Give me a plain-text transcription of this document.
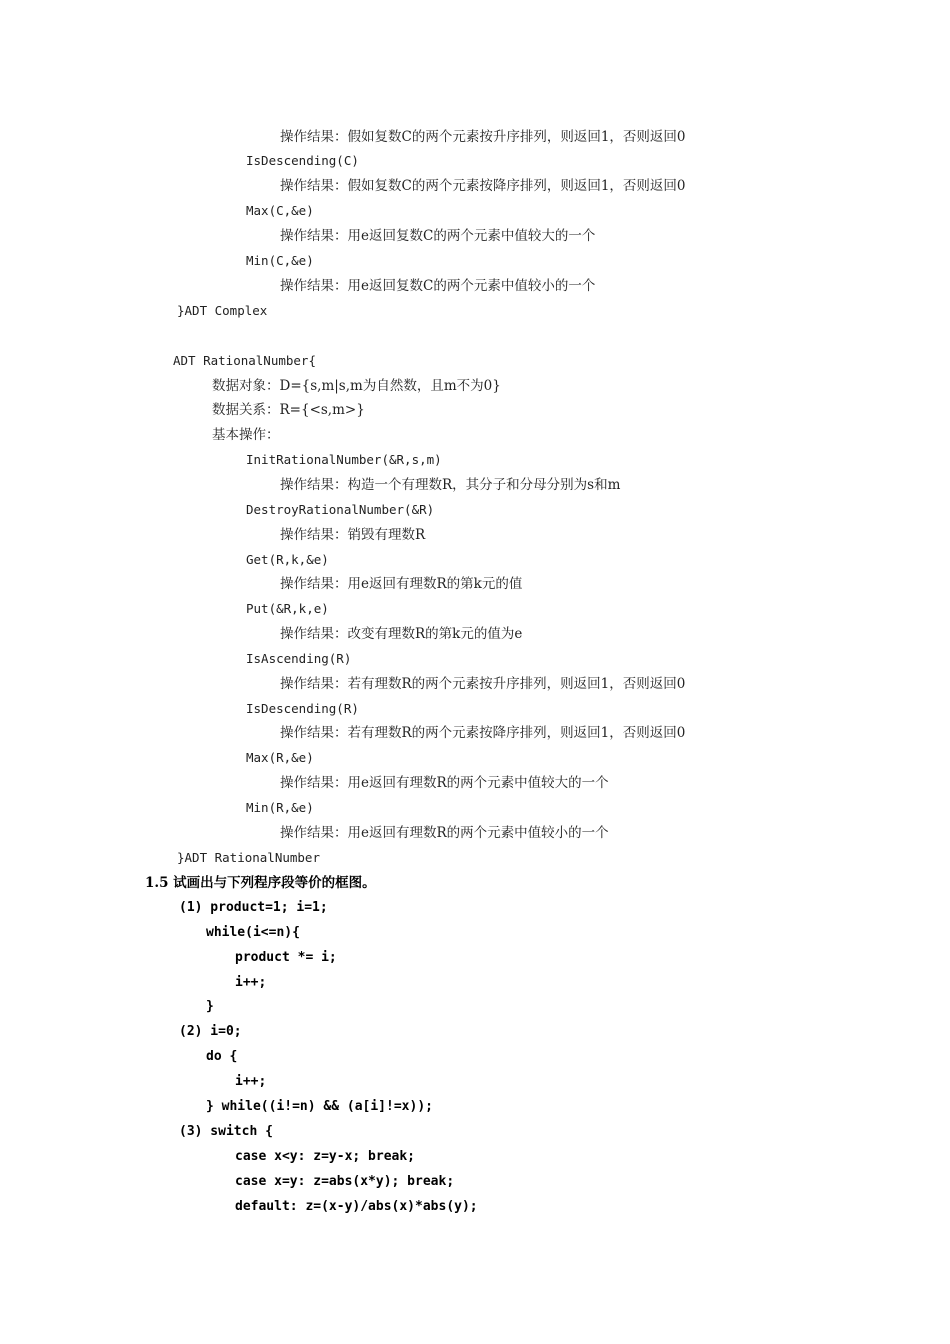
操作结果：假如复数C的两个元素按升序排列，则返回1，否则返回0
IsDescending(C)
操作结果：假如复数C的两个元素按降序排列，则返回1，否则返回0
Max(C,&e)
操作结果：用e返回复数C的两个元素中值较大的一个
Min(C,&e)
操作结果：用e返回复数C的两个元素中值较小的一个
}ADT Complex
ADT RationalNumber{
数据对象：D={s,m|s,m为自然数，且m不为0}
数据关系：R={<s,m>}
基本操作：
InitRationalNumber(&R,s,m)
操作结果：构造一个有理数R，其分子和分母分别为s和m
DestroyRationalNumber(&R)
操作结果：销毁有理数R
Get(R,k,&e)
操作结果：用e返回有理数R的第k元的值
Put(&R,k,e)
操作结果：改变有理数R的第k元的值为e
IsAscending(R)
操作结果：若有理数R的两个元素按升序排列，则返回1，否则返回0
IsDescending(R)
操作结果：若有理数R的两个元素按降序排列，则返回1，否则返回0
Max(R,&e)
操作结果：用e返回有理数R的两个元素中值较大的一个
Min(R,&e)
操作结果：用e返回有理数R的两个元素中值较小的一个
}ADT RationalNumber
1.5 试画出与下列程序段等价的框图。
(1) product=1; i=1;
while(i<=n){
product *= i;
i++;
}
(2) i=0;
do {
i++;
} while((i!=n) && (a[i]!=x));
(3) switch {
case x<y: z=y-x; break;
case x=y: z=abs(x*y); break;
default: z=(x-y)/abs(x)*abs(y);
